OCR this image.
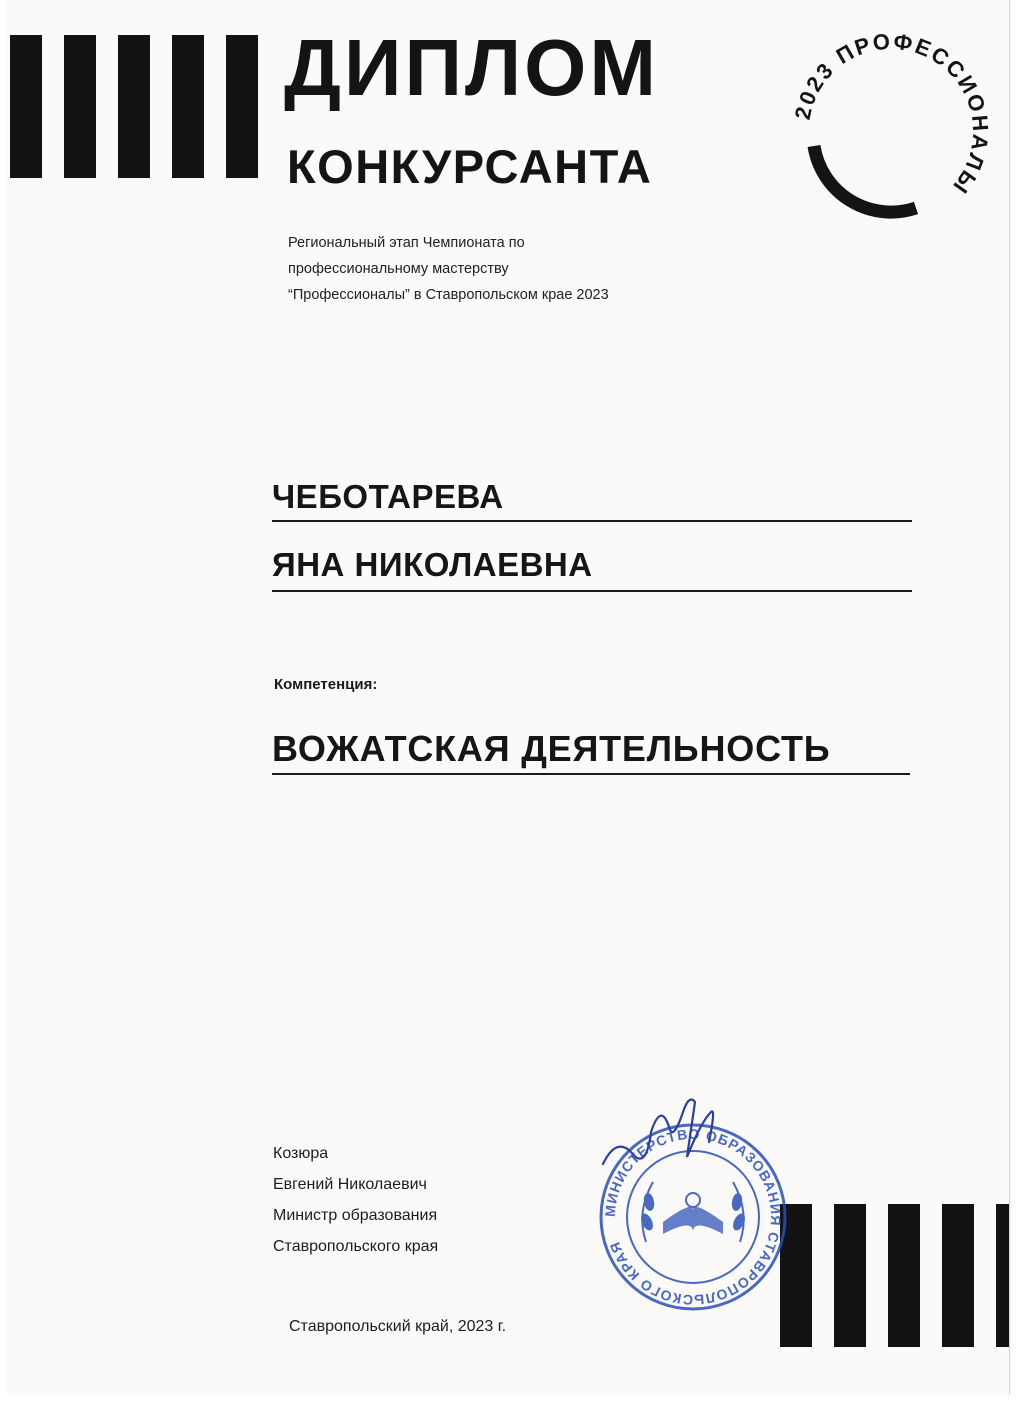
ДИПЛОМ
КОНКУРСАНТА
2023 ПРОФЕССИОНАЛЫ
Региональный этап Чемпионата по
профессиональному мастерству
“Профессионалы” в Ставропольском крае 2023
ЧЕБОТАРЕВА
ЯНА НИКОЛАЕВНА
Компетенция:
ВОЖАТСКАЯ ДЕЯТЕЛЬНОСТЬ
Козюра
Евгений Николаевич
Министр образования
Ставропольского края
МИНИСТЕРСТВО ОБРАЗОВАНИЯ СТАВРОПОЛЬСКОГО КРАЯ
Ставропольский край, 2023 г.
